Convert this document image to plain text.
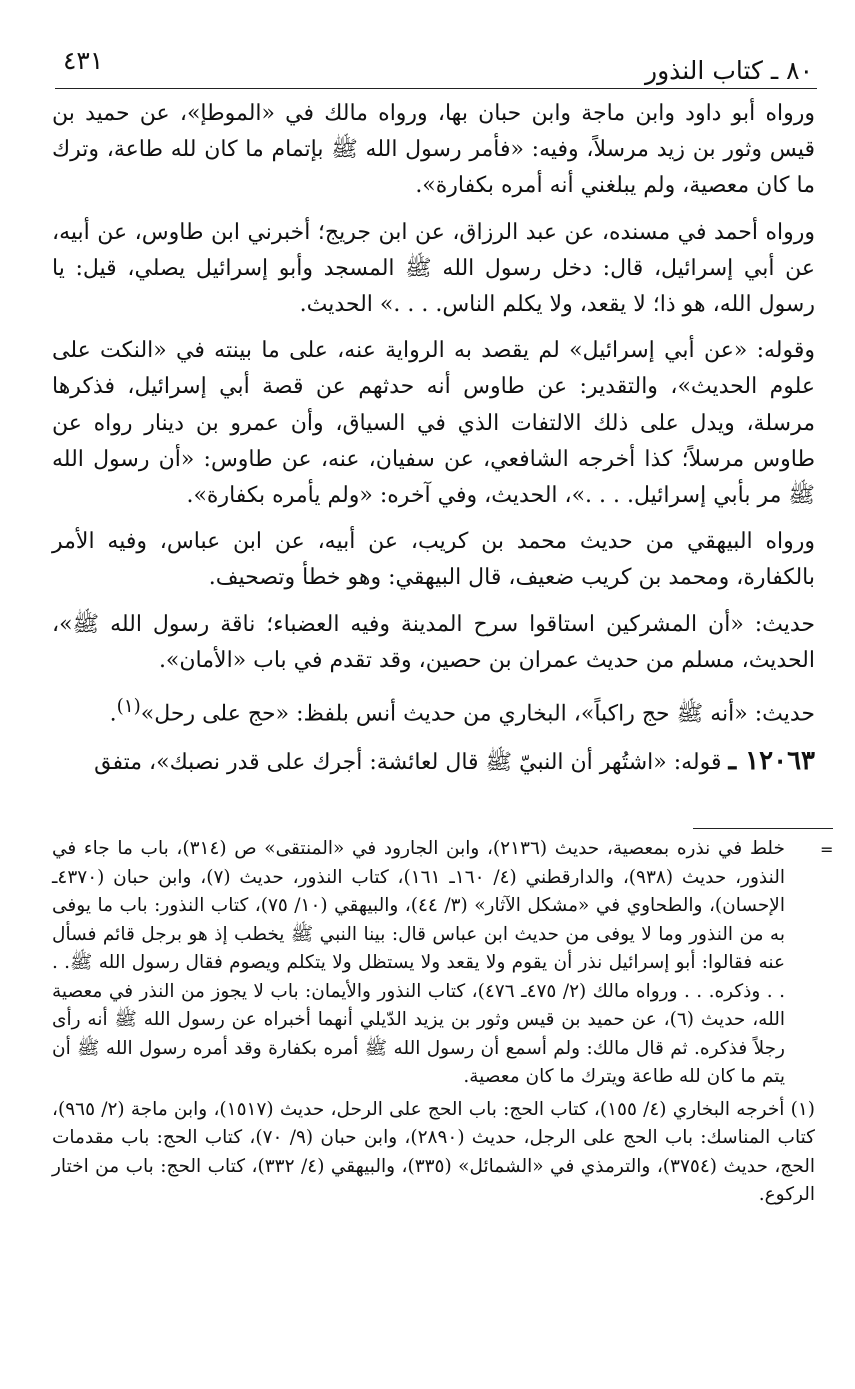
٨٠ ـ كتاب النذور
٤٣١

ورواه أبو داود وابن ماجة وابن حبان بها، ورواه مالك في «الموطإ»، عن حميد بن قيس وثور بن زيد مرسلاً، وفيه: «فأمر رسول الله ﷺ بإتمام ما كان لله طاعة، وترك ما كان معصية، ولم يبلغني أنه أمره بكفارة».

ورواه أحمد في مسنده، عن عبد الرزاق، عن ابن جريج؛ أخبرني ابن طاوس، عن أبيه، عن أبي إسرائيل، قال: دخل رسول الله ﷺ المسجد وأبو إسرائيل يصلي، قيل: يا رسول الله، هو ذا؛ لا يقعد، ولا يكلم الناس. . . .» الحديث.

وقوله: «عن أبي إسرائيل» لم يقصد به الرواية عنه، على ما بينته في «النكت على علوم الحديث»، والتقدير: عن طاوس أنه حدثهم عن قصة أبي إسرائيل، فذكرها مرسلة، ويدل على ذلك الالتفات الذي في السياق، وأن عمرو بن دينار رواه عن طاوس مرسلاً؛ كذا أخرجه الشافعي، عن سفيان، عنه، عن طاوس: «أن رسول الله ﷺ مر بأبي إسرائيل. . . .»، الحديث، وفي آخره: «ولم يأمره بكفارة».

ورواه البيهقي من حديث محمد بن كريب، عن أبيه، عن ابن عباس، وفيه الأمر بالكفارة، ومحمد بن كريب ضعيف، قال البيهقي: وهو خطأ وتصحيف.

حديث: «أن المشركين استاقوا سرح المدينة وفيه العضباء؛ ناقة رسول الله ﷺ»، الحديث، مسلم من حديث عمران بن حصين، وقد تقدم في باب «الأمان».

حديث: «أنه ﷺ حج راكباً»، البخاري من حديث أنس بلفظ: «حج على رحل»$^{(١)}$.

١٢٠٦٣ ـ قوله: «اشتُهر أن النبيّ ﷺ قال لعائشة: أجرك على قدر نصبك»، متفق

=

خلط في نذره بمعصية، حديث (٢١٣٦)، وابن الجارود في «المنتقى» ص (٣١٤)، باب ما جاء في النذور، حديث (٩٣٨)، والدارقطني (٤/ ١٦٠ـ ١٦١)، كتاب النذور، حديث (٧)، وابن حبان (٤٣٧٠ـ الإحسان)، والطحاوي في «مشكل الآثار» (٣/ ٤٤)، والبيهقي (١٠/ ٧٥)، كتاب النذور: باب ما يوفى به من النذور وما لا يوفى من حديث ابن عباس قال: بينا النبي ﷺ يخطب إذ هو برجل قائم فسأل عنه فقالوا: أبو إسرائيل نذر أن يقوم ولا يقعد ولا يستظل ولا يتكلم ويصوم فقال رسول الله ﷺ. . . . وذكره. . . ورواه مالك (٢/ ٤٧٥ـ ٤٧٦)، كتاب النذور والأيمان: باب لا يجوز من النذر في معصية الله، حديث (٦)، عن حميد بن قيس وثور بن يزيد الدّيلي أنهما أخبراه عن رسول الله ﷺ أنه رأى رجلاً فذكره. ثم قال مالك: ولم أسمع أن رسول الله ﷺ أمره بكفارة وقد أمره رسول الله ﷺ أن يتم ما كان لله طاعة ويترك ما كان معصية.

(١) أخرجه البخاري (٤/ ١٥٥)، كتاب الحج: باب الحج على الرحل، حديث (١٥١٧)، وابن ماجة (٢/ ٩٦٥)، كتاب المناسك: باب الحج على الرجل، حديث (٢٨٩٠)، وابن حبان (٩/ ٧٠)، كتاب الحج: باب مقدمات الحج، حديث (٣٧٥٤)، والترمذي في «الشمائل» (٣٣٥)، والبيهقي (٤/ ٣٣٢)، كتاب الحج: باب من اختار الركوع.
